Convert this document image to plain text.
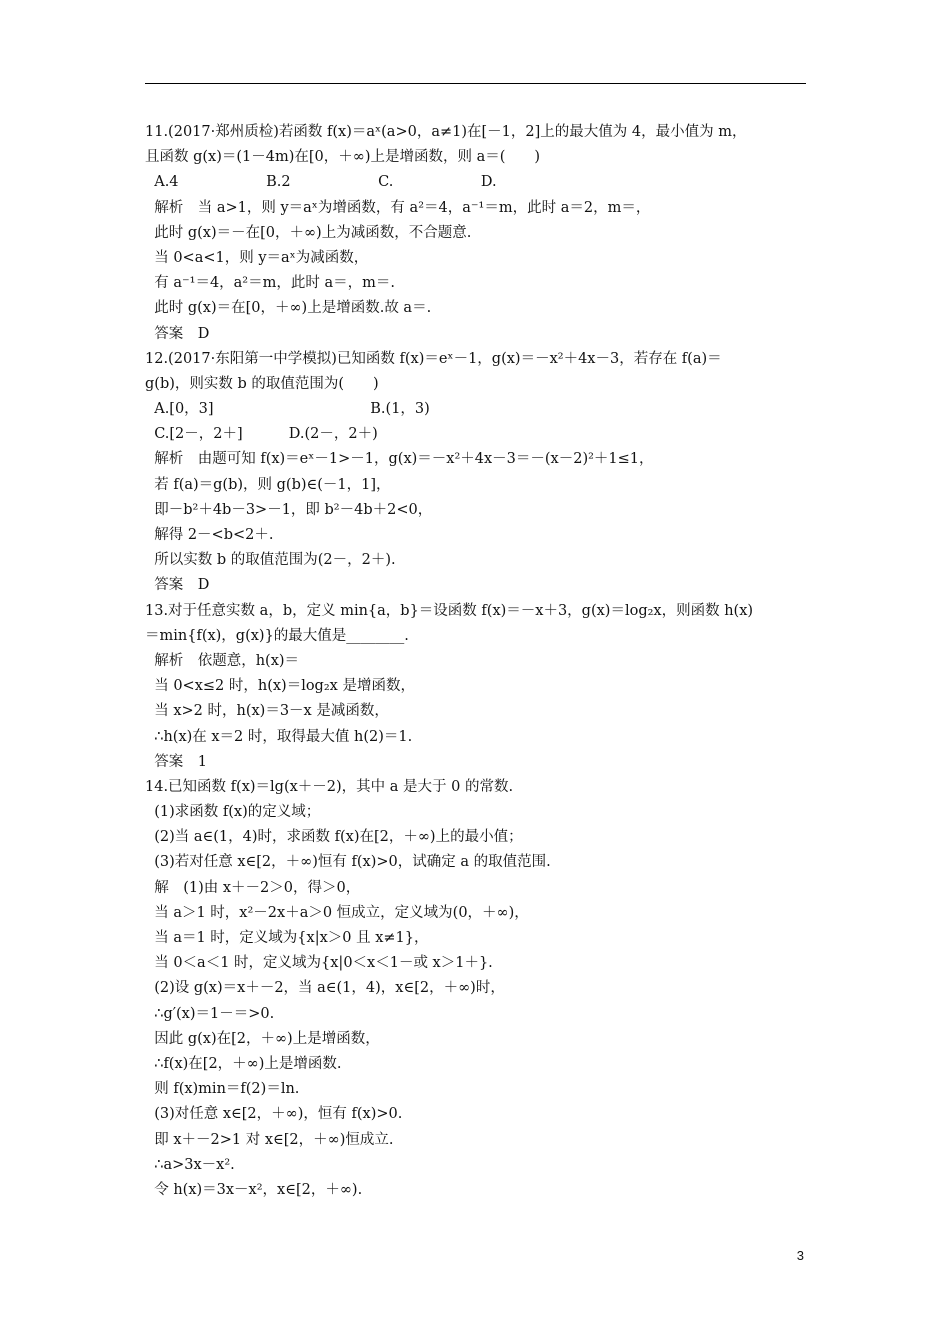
11.(2017·郑州质检)若函数 f(x)＝aˣ(a>0，a≠1)在[－1，2]上的最大值为 4，最小值为 m，
且函数 g(x)＝(1－4m)在[0，＋∞)上是增函数，则 a＝(　　)
A.4                   B.2                   C.                   D.
解析　当 a>1，则 y＝aˣ为增函数，有 a²＝4，a⁻¹＝m，此时 a＝2，m＝，
此时 g(x)＝－在[0，＋∞)上为减函数，不合题意.
当 0<a<1，则 y＝aˣ为减函数，
有 a⁻¹＝4，a²＝m，此时 a＝，m＝.
此时 g(x)＝在[0，＋∞)上是增函数.故 a＝.
答案　D
12.(2017·东阳第一中学模拟)已知函数 f(x)＝eˣ－1，g(x)＝－x²＋4x－3，若存在 f(a)＝
g(b)，则实数 b 的取值范围为(　　)
A.[0，3]                                  B.(1，3)
C.[2－，2＋]          D.(2－，2＋)
解析　由题可知 f(x)＝eˣ－1>－1，g(x)＝－x²＋4x－3＝－(x－2)²＋1≤1，
若 f(a)＝g(b)，则 g(b)∈(－1，1]，
即－b²＋4b－3>－1，即 b²－4b＋2<0，
解得 2－<b<2＋.
所以实数 b 的取值范围为(2－，2＋).
答案　D
13.对于任意实数 a，b，定义 min{a，b}＝设函数 f(x)＝－x＋3，g(x)＝log₂x，则函数 h(x)
＝min{f(x)，g(x)}的最大值是________.
解析　依题意，h(x)＝
当 0<x≤2 时，h(x)＝log₂x 是增函数，
当 x>2 时，h(x)＝3－x 是减函数，
∴h(x)在 x＝2 时，取得最大值 h(2)＝1.
答案　1
14.已知函数 f(x)＝lg(x＋－2)，其中 a 是大于 0 的常数.
(1)求函数 f(x)的定义域；
(2)当 a∈(1，4)时，求函数 f(x)在[2，＋∞)上的最小值；
(3)若对任意 x∈[2，＋∞)恒有 f(x)>0，试确定 a 的取值范围.
解　(1)由 x＋－2＞0，得＞0，
当 a＞1 时，x²－2x＋a＞0 恒成立，定义域为(0，＋∞)，
当 a＝1 时，定义域为{x|x＞0 且 x≠1}，
当 0＜a＜1 时，定义域为{x|0＜x＜1－或 x＞1＋}.
(2)设 g(x)＝x＋－2，当 a∈(1，4)，x∈[2，＋∞)时，
∴g′(x)＝1－＝>0.
因此 g(x)在[2，＋∞)上是增函数，
∴f(x)在[2，＋∞)上是增函数.
则 f(x)min＝f(2)＝ln.
(3)对任意 x∈[2，＋∞)，恒有 f(x)>0.
即 x＋－2>1 对 x∈[2，＋∞)恒成立.
∴a>3x－x².
令 h(x)＝3x－x²，x∈[2，＋∞).
3
